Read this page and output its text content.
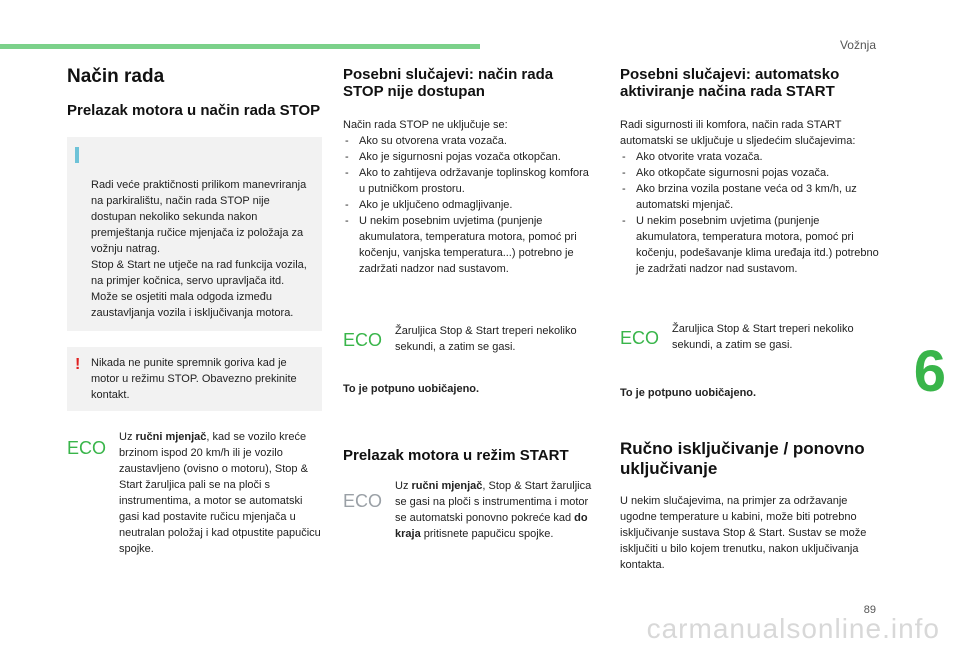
Vožnja
6
Način rada
Prelazak motora u način rada STOP

Radi veće praktičnosti prilikom manevriranja na parkiralištu, način rada STOP nije dostupan nekoliko sekunda nakon premještanja ručice mjenjača iz položaja za vožnju natrag.
Stop & Start ne utječe na rad funkcija vozila, na primjer kočnica, servo upravljača itd.
Može se osjetiti mala odgoda između zaustavljanja vozila i isključivanja motora.

! Nikada ne punite spremnik goriva kad je motor u režimu STOP. Obavezno prekinite kontakt.
ECO
Uz ručni mjenjač, kad se vozilo kreće brzinom ispod 20 km/h ili je vozilo zaustavljeno (ovisno o motoru), Stop & Start žaruljica pali se na ploči s instrumentima, a motor se automatski gasi kad postavite ručicu mjenjača u neutralan položaj i kad otpustite papučicu spojke.
Posebni slučajevi: način rada STOP nije dostupan

Način rada STOP ne uključuje se:

- Ako su otvorena vrata vozača.
- Ako je sigurnosni pojas vozača otkopčan.
- Ako to zahtijeva održavanje toplinskog komfora u putničkom prostoru.
- Ako je uključeno odmagljivanje.
- U nekim posebnim uvjetima (punjenje akumulatora, temperatura motora, pomoć pri kočenju, vanjska temperatura...) potrebno je zadržati nadzor nad sustavom.
ECO Žaruljica Stop & Start treperi nekoliko sekundi, a zatim se gasi.
To je potpuno uobičajeno.
Prelazak motora u režim START
ECO
Uz ručni mjenjač, Stop & Start žaruljica se gasi na ploči s instrumentima i motor se automatski ponovno pokreće kad do kraja pritisnete papučicu spojke.
Posebni slučajevi: automatsko aktiviranje načina rada START

Radi sigurnosti ili komfora, način rada START automatski se uključuje u sljedećim slučajevima:

- Ako otvorite vrata vozača.
- Ako otkopčate sigurnosni pojas vozača.
- Ako brzina vozila postane veća od 3 km/h, uz automatski mjenjač.
- U nekim posebnim uvjetima (punjenje akumulatora, temperatura motora, pomoć pri kočenju, podešavanje klima uređaja itd.) potrebno je zadržati nadzor nad sustavom.
ECO Žaruljica Stop & Start treperi nekoliko sekundi, a zatim se gasi.
To je potpuno uobičajeno.
Ručno isključivanje / ponovno uključivanje

U nekim slučajevima, na primjer za održavanje ugodne temperature u kabini, može biti potrebno isključivanje sustava Stop & Start. Sustav se može isključiti u bilo kojem trenutku, nakon uključivanja kontakta.

89
carmanualsonline.info
